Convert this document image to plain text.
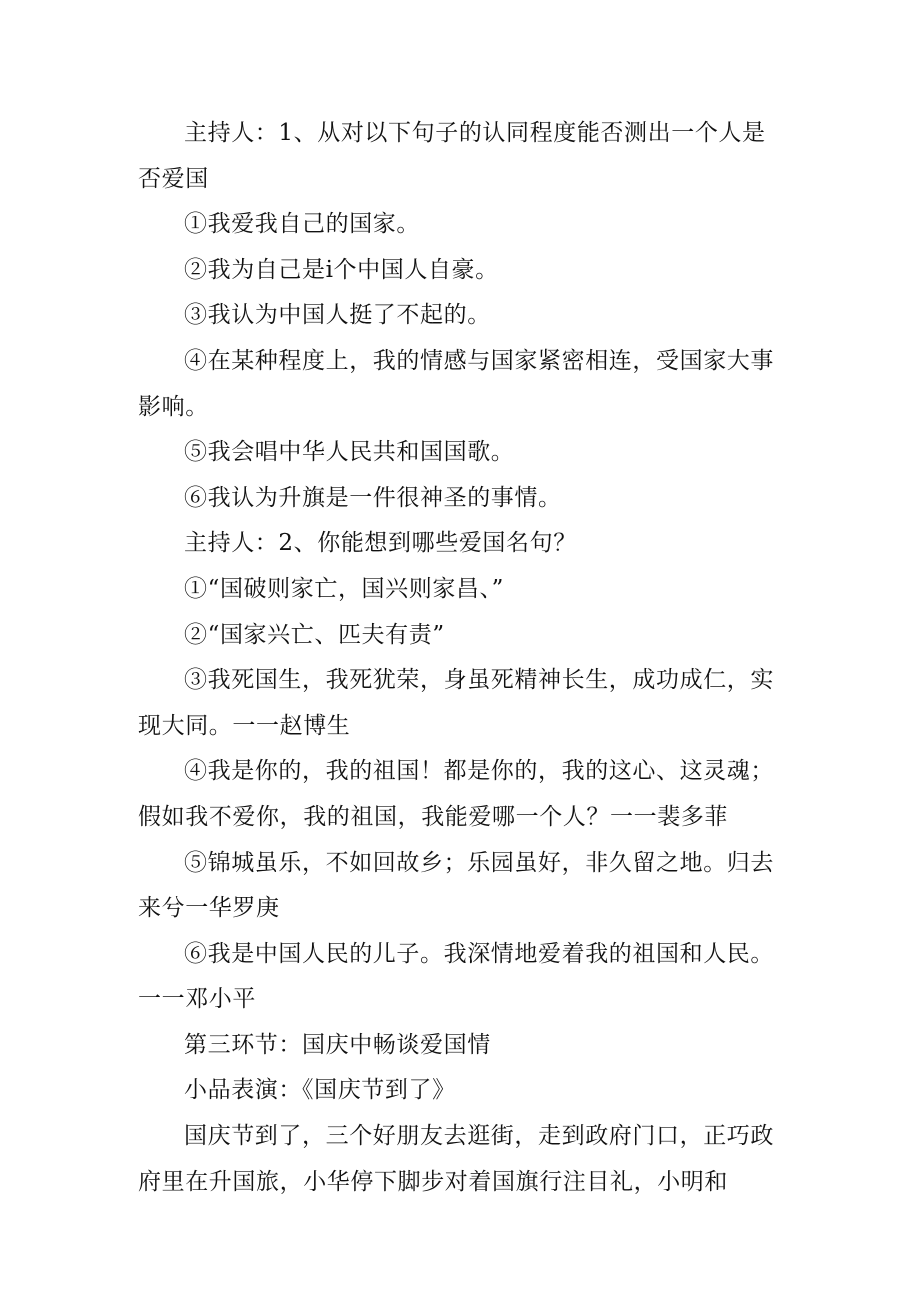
主持人：1、从对以下句子的认同程度能否测出一个人是否爱国

①我爱我自己的国家。

②我为自己是i个中国人自豪。

③我认为中国人挺了不起的。

④在某种程度上，我的情感与国家紧密相连，受国家大事影响。

⑤我会唱中华人民共和国国歌。

⑥我认为升旗是一件很神圣的事情。

主持人：2、你能想到哪些爱国名句？

①“国破则家亡，国兴则家昌、”

②“国家兴亡、匹夫有责”

③我死国生，我死犹荣，身虽死精神长生，成功成仁，实现大同。一一赵博生

④我是你的，我的祖国！都是你的，我的这心、这灵魂；假如我不爱你，我的祖国，我能爱哪一个人？一一裴多菲

⑤锦城虽乐，不如回故乡；乐园虽好，非久留之地。归去来兮一华罗庚

⑥我是中国人民的儿子。我深情地爱着我的祖国和人民。一一邓小平

第三环节：国庆中畅谈爱国情

小品表演：《国庆节到了》

国庆节到了，三个好朋友去逛街，走到政府门口，正巧政府里在升国旅，小华停下脚步对着国旗行注目礼，小明和
